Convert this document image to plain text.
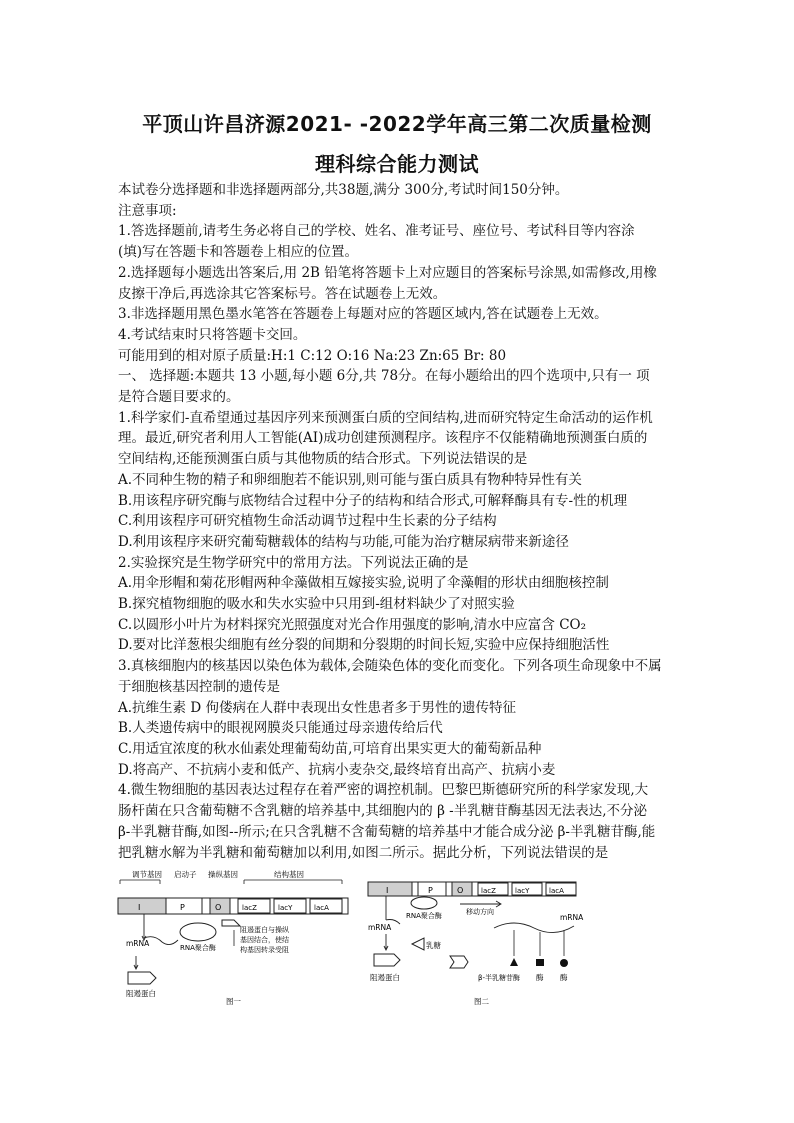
平顶山许昌济源2021- -2022学年高三第二次质量检测
理科综合能力测试

本试卷分选择题和非选择题两部分,共38题,满分 300分,考试时间150分钟。

注意事项:

1.答选择题前,请考生务必将自己的学校、姓名、准考证号、座位号、考试科目等内容涂

(填)写在答题卡和答题卷上相应的位置。

2.选择题每小题选出答案后,用 2B 铅笔将答题卡上对应题目的答案标号涂黑,如需修改,用橡

皮擦干净后,再选涂其它答案标号。答在试题卷上无效。

3.非选择题用黑色墨水笔答在答题卷上每题对应的答题区域内,答在试题卷上无效。

4.考试结束时只将答题卡交回。

可能用到的相对原子质量:H:1 C:12 O:16 Na:23 Zn:65 Br: 80

一、 选择题:本题共 13 小题,每小题 6分,共 78分。在每小题给出的四个选项中,只有一 项

是符合题目要求的。

1.科学家们-直希望通过基因序列来预测蛋白质的空间结构,进而研究特定生命活动的运作机

理。最近,研究者利用人工智能(AI)成功创建预测程序。该程序不仅能精确地预测蛋白质的

空间结构,还能预测蛋白质与其他物质的结合形式。下列说法错误的是

A.不同种生物的精子和卵细胞若不能识别,则可能与蛋白质具有物种特异性有关

B.用该程序研究酶与底物结合过程中分子的结构和结合形式,可解释酶具有专-性的机理

C.利用该程序可研究植物生命活动调节过程中生长素的分子结构

D.利用该程序来研究葡萄糖载体的结构与功能,可能为治疗糖尿病带来新途径

2.实验探究是生物学研究中的常用方法。下列说法正确的是

A.用伞形帽和菊花形帽两种伞藻做相互嫁接实验,说明了伞藻帽的形状由细胞核控制

B.探究植物细胞的吸水和失水实验中只用到-组材料缺少了对照实验

C.以圆形小叶片为材料探究光照强度对光合作用强度的影响,清水中应富含 CO₂

D.要对比洋葱根尖细胞有丝分裂的间期和分裂期的时间长短,实验中应保持细胞活性

3.真核细胞内的核基因以染色体为载体,会随染色体的变化而变化。下列各项生命现象中不属

于细胞核基因控制的遗传是

A.抗维生素 D 佝偻病在人群中表现出女性患者多于男性的遗传特征

B.人类遗传病中的眼视网膜炎只能通过母亲遗传给后代

C.用适宜浓度的秋水仙素处理葡萄幼苗,可培育出果实更大的葡萄新品种

D.将高产、不抗病小麦和低产、抗病小麦杂交,最终培育出高产、抗病小麦

4.微生物细胞的基因表达过程存在着严密的调控机制。巴黎巴斯德研究所的科学家发现,大

肠杆菌在只含葡萄糖不含乳糖的培养基中,其细胞内的 β -半乳糖苷酶基因无法表达,不分泌

β-半乳糖苷酶,如图--所示;在只含乳糖不含葡萄糖的培养基中才能合成分泌 β-半乳糖苷酶,能

把乳糖水解为半乳糖和葡萄糖加以利用,如图二所示。据此分析，下列说法错误的是

调节基因 启动子 操纵基因	结构基因
I	P	O	lacZ	lacY	lacA
mRNA	RNA聚合酶
阻遏蛋白与操纵
基因结合，使结
构基因转录受阻
阻遏蛋白
图一
I	P	O	lacZ	lacY	lacA
RNA聚合酶	移动方向
mRNA
mRNA
阻遏蛋白
乳糖
β-半乳糖苷酶 酶 酶
图二
